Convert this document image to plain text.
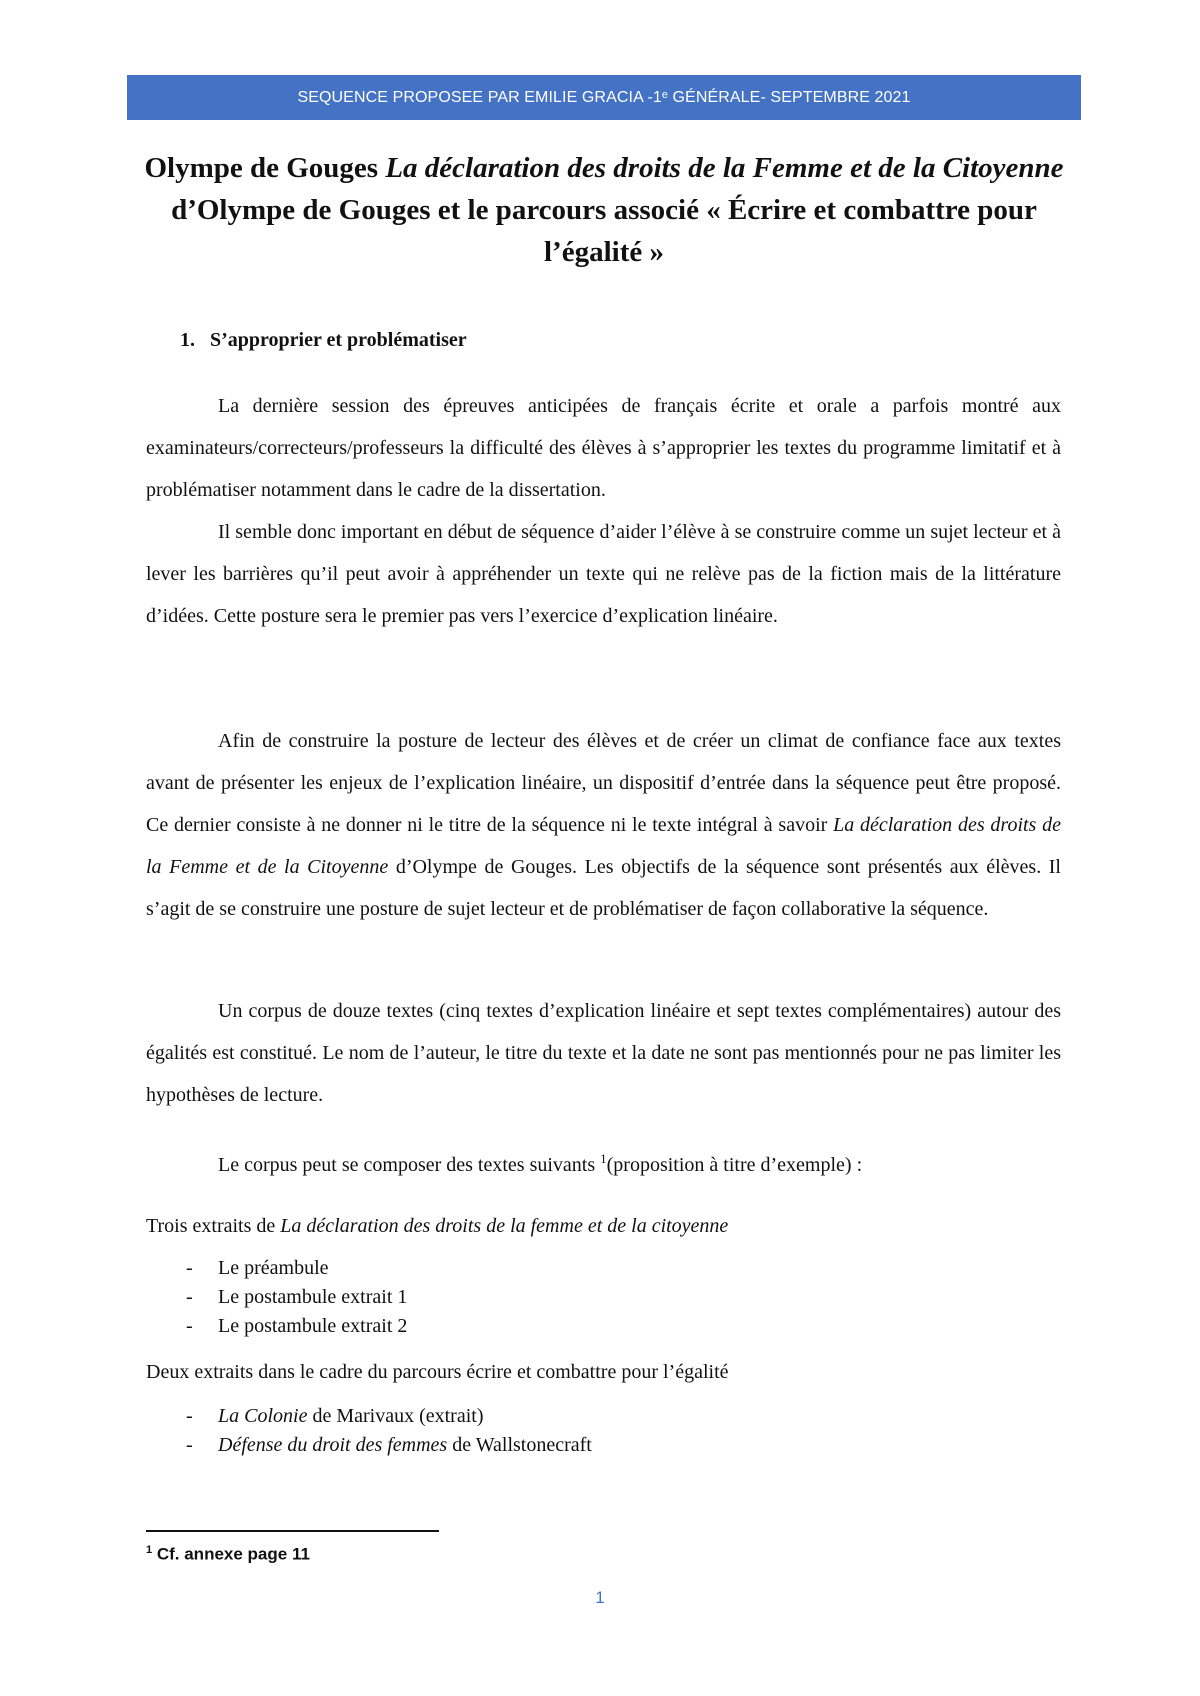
SEQUENCE PROPOSEE PAR EMILIE GRACIA -1ᵉ GÉNÉRALE- SEPTEMBRE 2021
Olympe de Gouges La déclaration des droits de la Femme et de la Citoyenne d’Olympe de Gouges et le parcours associé « Écrire et combattre pour l’égalité »
1. S’approprier et problématiser

La dernière session des épreuves anticipées de français écrite et orale a parfois montré aux examinateurs/correcteurs/professeurs la difficulté des élèves à s’approprier les textes du programme limitatif et à problématiser notamment dans le cadre de la dissertation.

Il semble donc important en début de séquence d’aider l’élève à se construire comme un sujet lecteur et à lever les barrières qu’il peut avoir à appréhender un texte qui ne relève pas de la fiction mais de la littérature d’idées. Cette posture sera le premier pas vers l’exercice d’explication linéaire.

Afin de construire la posture de lecteur des élèves et de créer un climat de confiance face aux textes avant de présenter les enjeux de l’explication linéaire, un dispositif d’entrée dans la séquence peut être proposé. Ce dernier consiste à ne donner ni le titre de la séquence ni le texte intégral à savoir La déclaration des droits de la Femme et de la Citoyenne d’Olympe de Gouges. Les objectifs de la séquence sont présentés aux élèves. Il s’agit de se construire une posture de sujet lecteur et de problématiser de façon collaborative la séquence.

Un corpus de douze textes (cinq textes d’explication linéaire et sept textes complémentaires) autour des égalités est constitué. Le nom de l’auteur, le titre du texte et la date ne sont pas mentionnés pour ne pas limiter les hypothèses de lecture.

Le corpus peut se composer des textes suivants $^1$(proposition à titre d’exemple) :

Trois extraits de La déclaration des droits de la femme et de la citoyenne

- Le préambule
- Le postambule extrait 1
- Le postambule extrait 2

Deux extraits dans le cadre du parcours écrire et combattre pour l’égalité

- La Colonie de Marivaux (extrait)
- Défense du droit des femmes de Wallstonecraft

$^1$ Cf. annexe page 11

1
